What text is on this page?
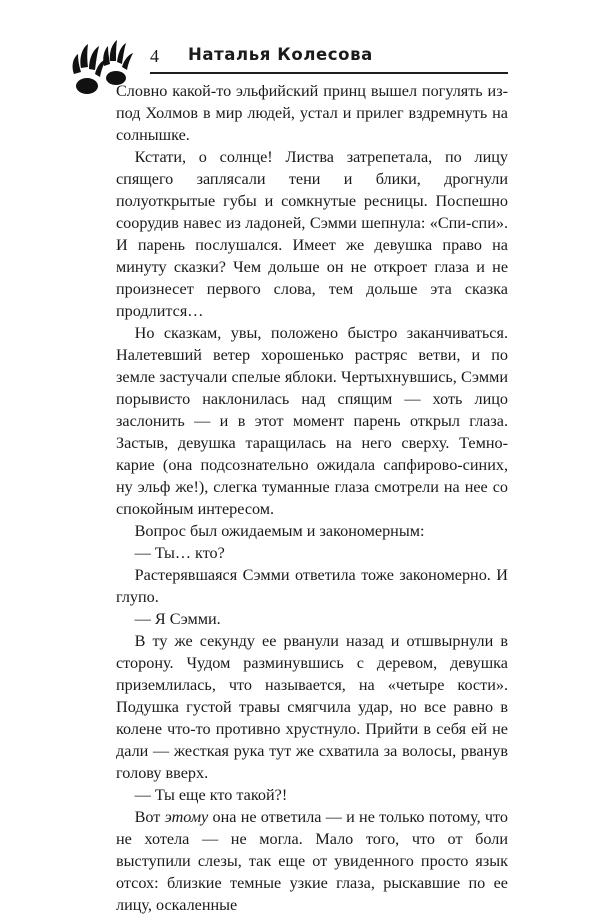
4 Наталья Колесова

Словно какой-то эльфийский принц вышел погулять из-под Холмов в мир людей, устал и прилег вздремнуть на солнышке.

Кстати, о солнце! Листва затрепетала, по лицу спящего заплясали тени и блики, дрогнули полуоткрытые губы и сомкнутые ресницы. Поспешно соорудив навес из ладоней, Сэмми шепнула: «Спи-спи». И парень послушался. Имеет же девушка право на минуту сказки? Чем дольше он не откроет глаза и не произнесет первого слова, тем дольше эта сказка продлится…

Но сказкам, увы, положено быстро заканчиваться. Налетевший ветер хорошенько растряс ветви, и по земле застучали спелые яблоки. Чертыхнувшись, Сэмми порывисто наклонилась над спящим — хоть лицо заслонить — и в этот момент парень открыл глаза. Застыв, девушка таращилась на него сверху. Темно-карие (она подсознательно ожидала сапфирово-синих, ну эльф же!), слегка туманные глаза смотрели на нее со спокойным интересом.

Вопрос был ожидаемым и закономерным:

— Ты… кто?

Растерявшаяся Сэмми ответила тоже закономерно. И глупо.

— Я Сэмми.

В ту же секунду ее рванули назад и отшвырнули в сторону. Чудом разминувшись с деревом, девушка приземлилась, что называется, на «четыре кости». Подушка густой травы смягчила удар, но все равно в колене что-то противно хрустнуло. Прийти в себя ей не дали — жесткая рука тут же схватила за волосы, рванув голову вверх.

— Ты еще кто такой?!

Вот этому она не ответила — и не только потому, что не хотела — не могла. Мало того, что от боли выступили слезы, так еще от увиденного просто язык отсох: близкие темные узкие глаза, рыскавшие по ее лицу, оскаленные
